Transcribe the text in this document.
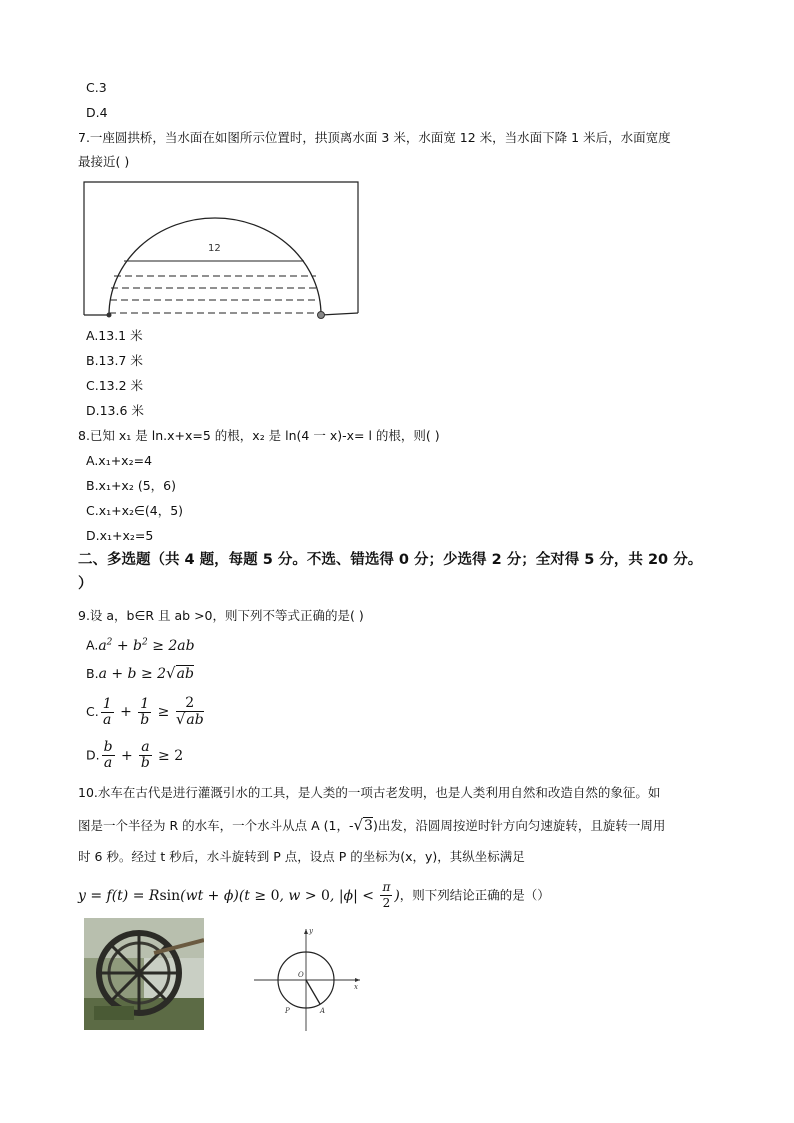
C.3
D.4
7.一座圆拱桥，当水面在如图所示位置时，拱顶离水面 3 米，水面宽 12 米，当水面下降 1 米后，水面宽度
最接近( )
12
A.13.1 米
B.13.7 米
C.13.2 米
D.13.6 米
8.已知 x₁ 是 ln.x+x=5 的根，x₂ 是 ln(4 一 x)-x= l 的根，则( )
A.x₁+x₂=4
B.x₁+x₂ (5，6)
C.x₁+x₂∈(4，5)
D.x₁+x₂=5
二、多选题（共 4 题，每题 5 分。不选、错选得 0 分；少选得 2 分；全对得 5 分，共 20 分。
）
9.设 a，b∈R 且 ab >0，则下列不等式正确的是( )
$A.a^2 + b^2 \ge 2ab$
B.a + b ≥ 2√ab
C. $\frac{1}{a} + \frac{1}{b} \ge \frac{2}{√ab}$
D. $\frac{b}{a} + \frac{a}{b} \ge 2$
10.水车在古代是进行灌溉引水的工具，是人类的一项古老发明，也是人类利用自然和改造自然的象征。如
图是一个半径为 R 的水车，一个水斗从点 A (1，-√3)出发，沿圆周按逆时针方向匀速旋转，且旋转一周用
时 6 秒。经过 t 秒后，水斗旋转到 P 点，设点 P 的坐标为(x，y)，其纵坐标满足
y = f(t) = Rsin(wt + ϕ)(t ≥ 0, w > 0, $|\phi| < \frac{\pi}{2}$ )，则下列结论正确的是（）
y
x
O
P	A
